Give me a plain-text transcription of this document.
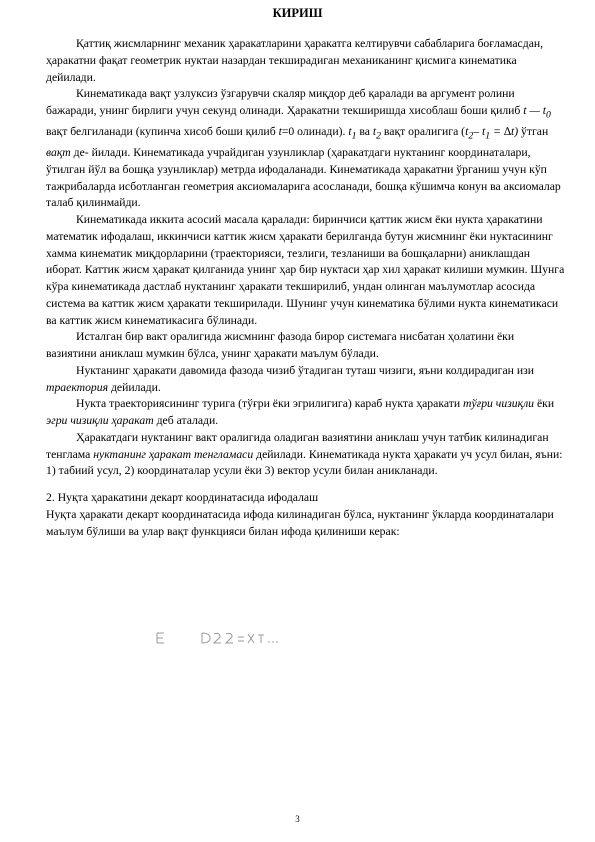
КИРИШ

Қаттиқ жисмларнинг механик ҳаракатларини ҳаракатга келтирувчи сабабларига боғламасдан, ҳаракатни фақат геометрик нуктаи назардан текширадиган механиканинг қисмига кинематика дейилади.

Кинематикада вақт узлуксиз ўзгарувчи скаляр миқдор деб қаралади ва аргумент ролини бажаради, унинг бирлиги учун секунд олинади. Ҳаракатни текширишда хисоблаш боши қилиб t — $t_0$ вақт белгиланади (купинча хисоб боши қилиб t=0 олинади). $t_1$ ва $t_2$ вақт оралигига ($t_2-$ $t_1 = \Delta t$) ўтган вақт де- йилади. Кинематикада учрайдиган узунликлар (ҳаракатдаги нуктанинг координаталари, ўтилган йўл ва бошқа узунликлар) метрда ифодаланади. Кинематикада ҳаракатни ўрганиш учун кўп тажрибаларда исботланган геометрия аксиомаларига асосланади, бошқа кўшимча конун ва аксиомалар талаб қилинмайди.

Кинематикада иккита асосий масала қаралади: биринчиси қаттик жисм ёки нукта ҳаракатини математик ифодалаш, иккинчиси каттик жисм ҳаракати берилганда бутун жисмнинг ёки нуктасининг хамма кинематик миқдорларини (траекторияси, тезлиги, тезланиши ва бошқаларни) аниклашдан иборат. Каттик жисм ҳаракат қилганида унинг ҳар бир нуктаси ҳар хил ҳаракат килиши мумкин. Шунга кўра кинематикада дастлаб нуктанинг ҳаракати текширилиб, ундан олинган маълумотлар асосида система ва каттик жисм ҳаракати текширилади. Шунинг учун кинематика бўлими нукта кинематикаси ва каттик жисм кинематикасига бўлинади.

Исталган бир вакт оралигида жисмнинг фазода бирор системага нисбатан ҳолатини ёки вазиятини аниклаш мумкин бўлса, унинг ҳаракати маълум бўлади.

Нуктанинг ҳаракати давомида фазода чизиб ўтадиган туташ чизиги, яъни колдирадиган изи траектория дейилади.

Нукта траекториясининг турига (тўғри ёки эгрилигига) караб нукта ҳаракати тўғри чизиқли ёки эгри чизиқли ҳаракат деб аталади.

Ҳаракатдаги нуктанинг вакт оралигида оладиган вазиятини аниклаш учун татбик килинадиган тенглама нуктанинг ҳаракат тенгламаси дейилади. Кинематикада нукта ҳаракати уч усул билан, яъни: 1) табиий усул, 2) координаталар усули ёки 3) вектор усули билан аникланади.

2. Нуқта ҳаракатини декарт координатасида ифодалаш

Нуқта ҳаракати декарт координатасида ифода килинадиган бўлса, нуктанинг ўкларда координаталари маълум бўлиши ва улар вақт функцияси билан ифода қилиниши керак:

3
